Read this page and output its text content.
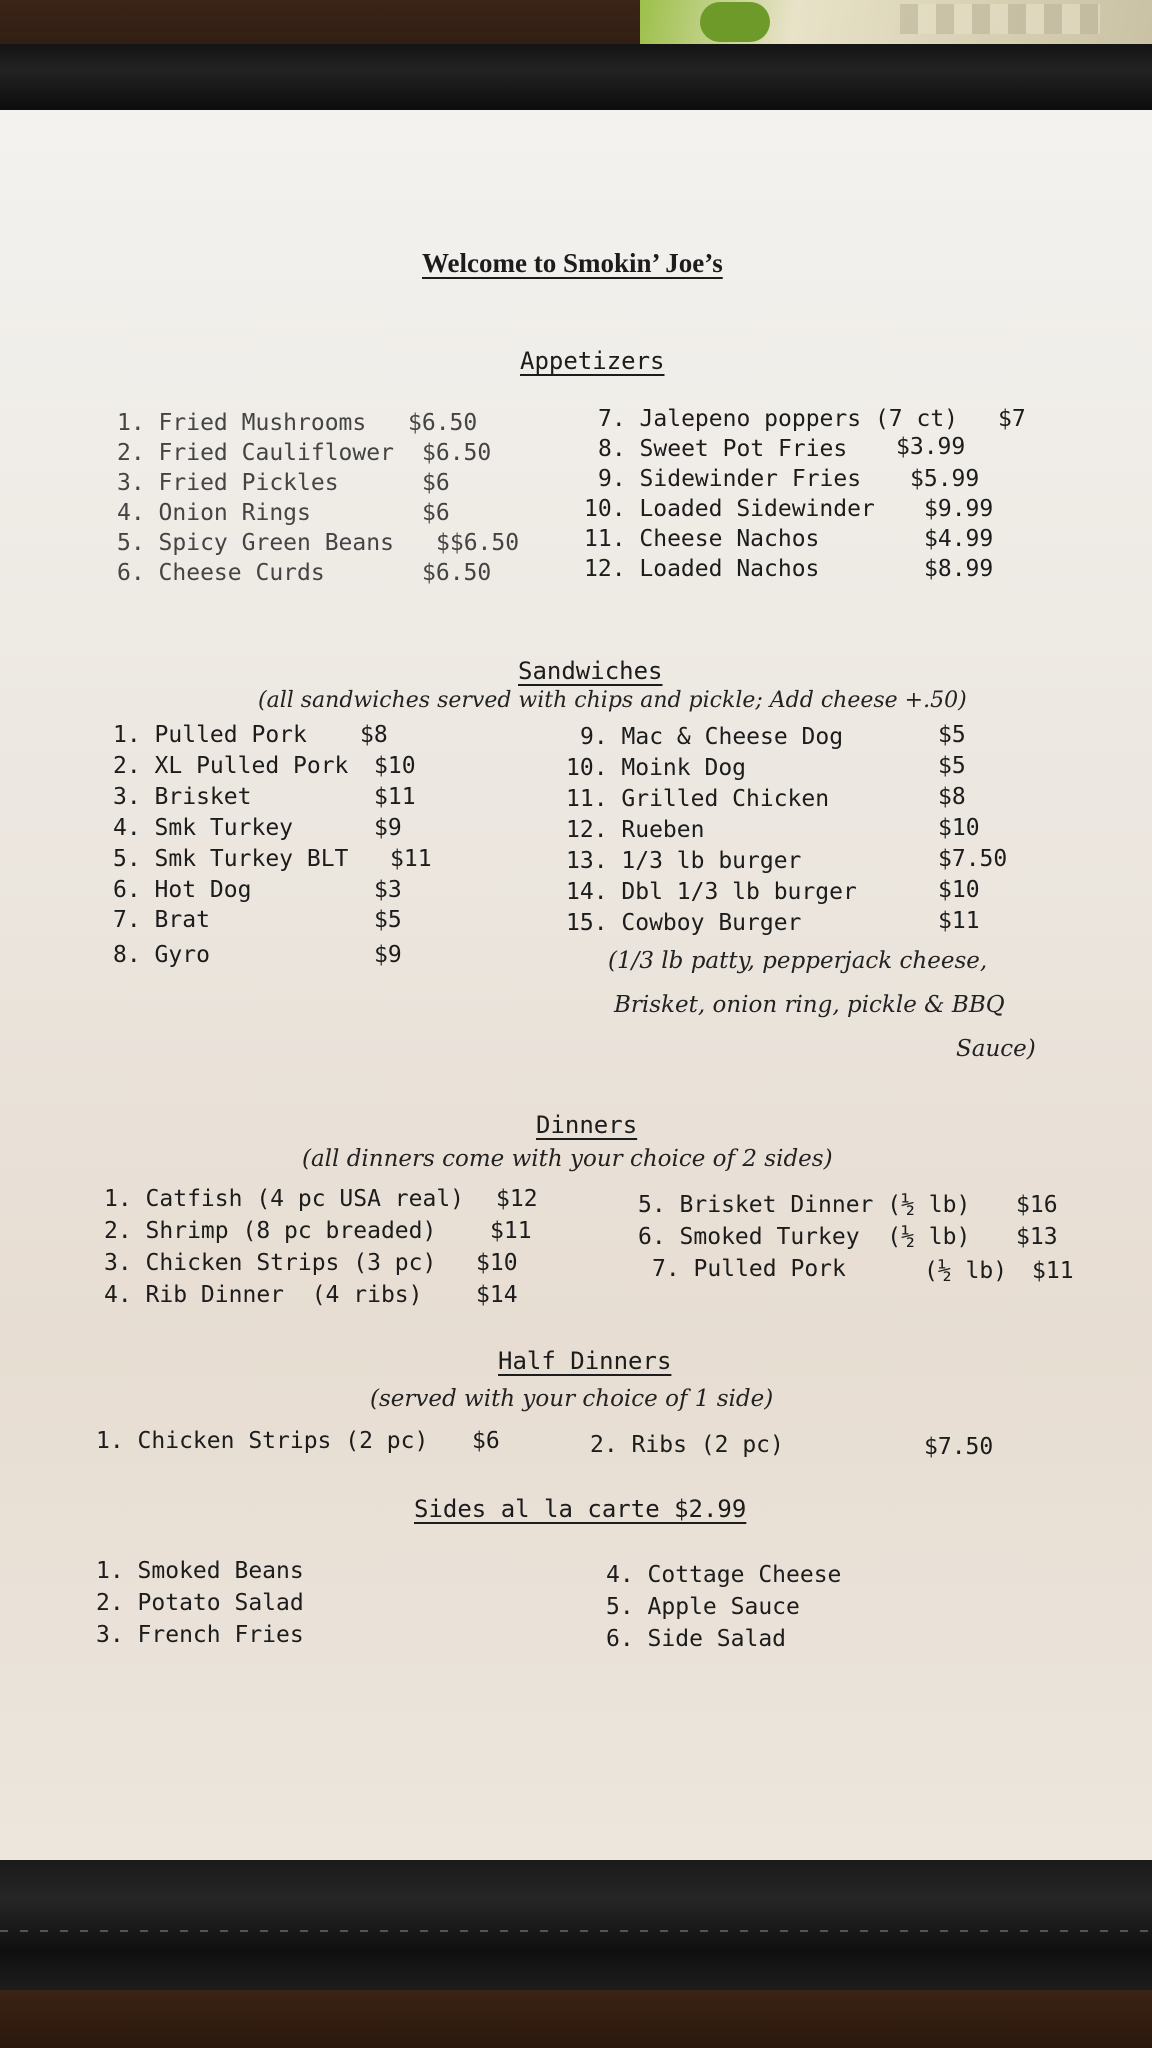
Welcome to Smokin’ Joe’s
Appetizers
1. Fried Mushrooms $6.50
2. Fried Cauliflower $6.50
3. Fried Pickles	$6
4. Onion Rings	$6
5. Spicy Green Beans $$6.50
6. Cheese Curds	$6.50
7. Jalepeno poppers (7 ct) $7
8. Sweet Pot Fries $3.99
9. Sidewinder Fries $5.99
10. Loaded Sidewinder $9.99
11. Cheese Nachos	$4.99
12. Loaded Nachos	$8.99
Sandwiches
(all sandwiches served with chips and pickle; Add cheese +.50)
1. Pulled Pork $8
2. XL Pulled Pork $10
3. Brisket	$11
4. Smk Turkey	$9
5. Smk Turkey BLT $11
6. Hot Dog	$3
7. Brat	$5
8. Gyro	$9
9. Mac & Cheese Dog	$5
10. Moink Dog	$5
11. Grilled Chicken	$8
12. Rueben	$10
13. 1/3 lb burger	$7.50
14. Dbl 1/3 lb burger	$10
15. Cowboy Burger	$11
(1/3 lb patty, pepperjack cheese,
Brisket, onion ring, pickle & BBQ
Sauce)
Dinners
(all dinners come with your choice of 2 sides)
1. Catfish (4 pc USA real) $12
2. Shrimp (8 pc breaded) $11
3. Chicken Strips (3 pc) $10
4. Rib Dinner  (4 ribs) $14
5. Brisket Dinner (½ lb) $16
6. Smoked Turkey  (½ lb) $13
7. Pulled Pork	(½ lb) $11
Half Dinners
(served with your choice of 1 side)
1. Chicken Strips (2 pc) $6	2. Ribs (2 pc)	$7.50
Sides al la carte $2.99
1. Smoked Beans
2. Potato Salad
3. French Fries
4. Cottage Cheese
5. Apple Sauce
6. Side Salad
